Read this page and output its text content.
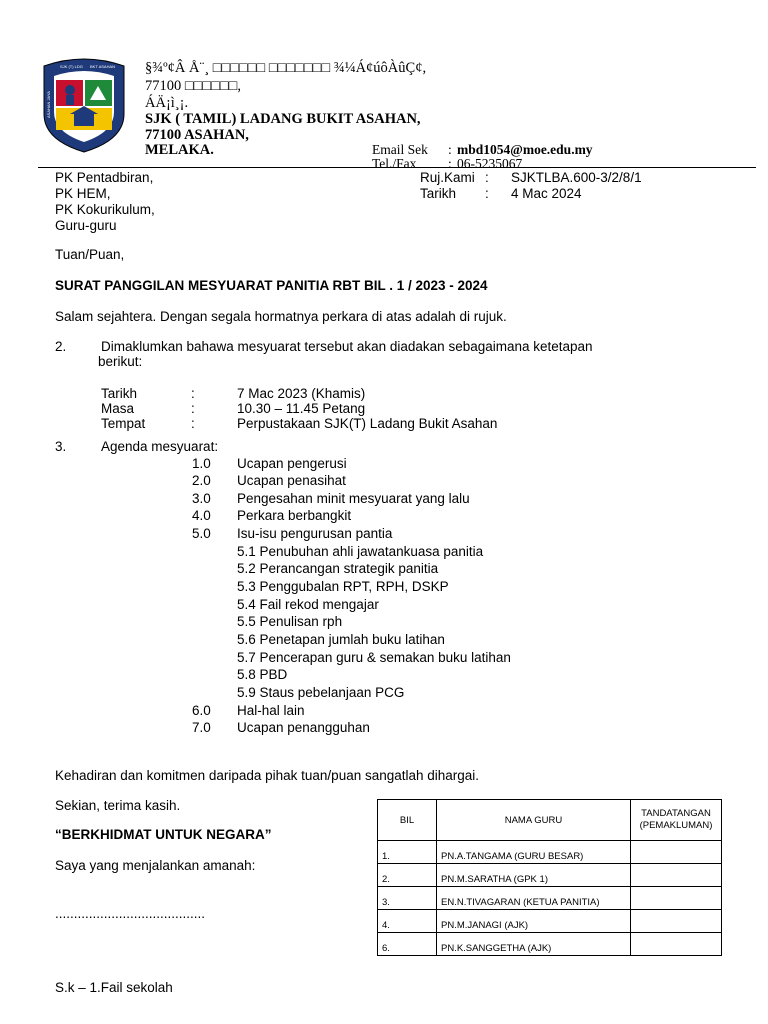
SJK (T) LDG BKT ASAHAN
ASAHAN JAYA
§¾º¢Â Å¨¸ □□□□□□ □□□□□□□ ¾¼Á¢úôÀûÇ¢,
77100 □□□□□□,
ÁÄ¡ì¸¡.
SJK ( TAMIL) LADANG BUKIT ASAHAN,
77100 ASAHAN,
MELAKA.	Email Sek : mbd1054@moe.edu.my
Tel./Fax : 06-5235067
PK Pentadbiran,
PK HEM,
PK Kokurikulum,
Guru-guru
Ruj.Kami : SJKTLBA.600-3/2/8/1
Tarikh : 4 Mac 2024
Tuan/Puan,
SURAT PANGGILAN MESYUARAT PANITIA RBT BIL . 1 / 2023 - 2024
Salam sejahtera. Dengan segala hormatnya perkara di atas adalah di rujuk.
2.	Dimaklumkan bahawa mesyuarat tersebut akan diadakan sebagaimana ketetapan
berikut:
Tarikh	:	7 Mac 2023 (Khamis)
Masa	:	10.30 – 11.45 Petang
Tempat	:	Perpustakaan SJK(T) Ladang Bukit Asahan
3.	Agenda mesyuarat:
1.0 Ucapan pengerusi
2.0 Ucapan penasihat
3.0 Pengesahan minit mesyuarat yang lalu
4.0 Perkara berbangkit
5.0 Isu-isu pengurusan pantia
5.1 Penubuhan ahli jawatankuasa panitia
5.2 Perancangan strategik panitia
5.3 Penggubalan RPT, RPH, DSKP
5.4 Fail rekod mengajar
5.5 Penulisan rph
5.6 Penetapan jumlah buku latihan
5.7 Pencerapan guru & semakan buku latihan
5.8 PBD
5.9 Staus pebelanjaan PCG
6.0 Hal-hal lain
7.0 Ucapan penangguhan
Kehadiran dan komitmen daripada pihak tuan/puan sangatlah dihargai.
Sekian, terima kasih.
“BERKHIDMAT UNTUK NEGARA”
Saya yang menjalankan amanah:
........................................
S.k – 1.Fail sekolah
BIL	NAMA GURU	TANDATANGAN
(PEMAKLUMAN)
1.	PN.A.TANGAMA (GURU BESAR)	
2.	PN.M.SARATHA (GPK 1)	
3.	EN.N.TIVAGARAN (KETUA PANITIA)	
4.	PN.M.JANAGI (AJK)	
6.	PN.K.SANGGETHA (AJK)	
